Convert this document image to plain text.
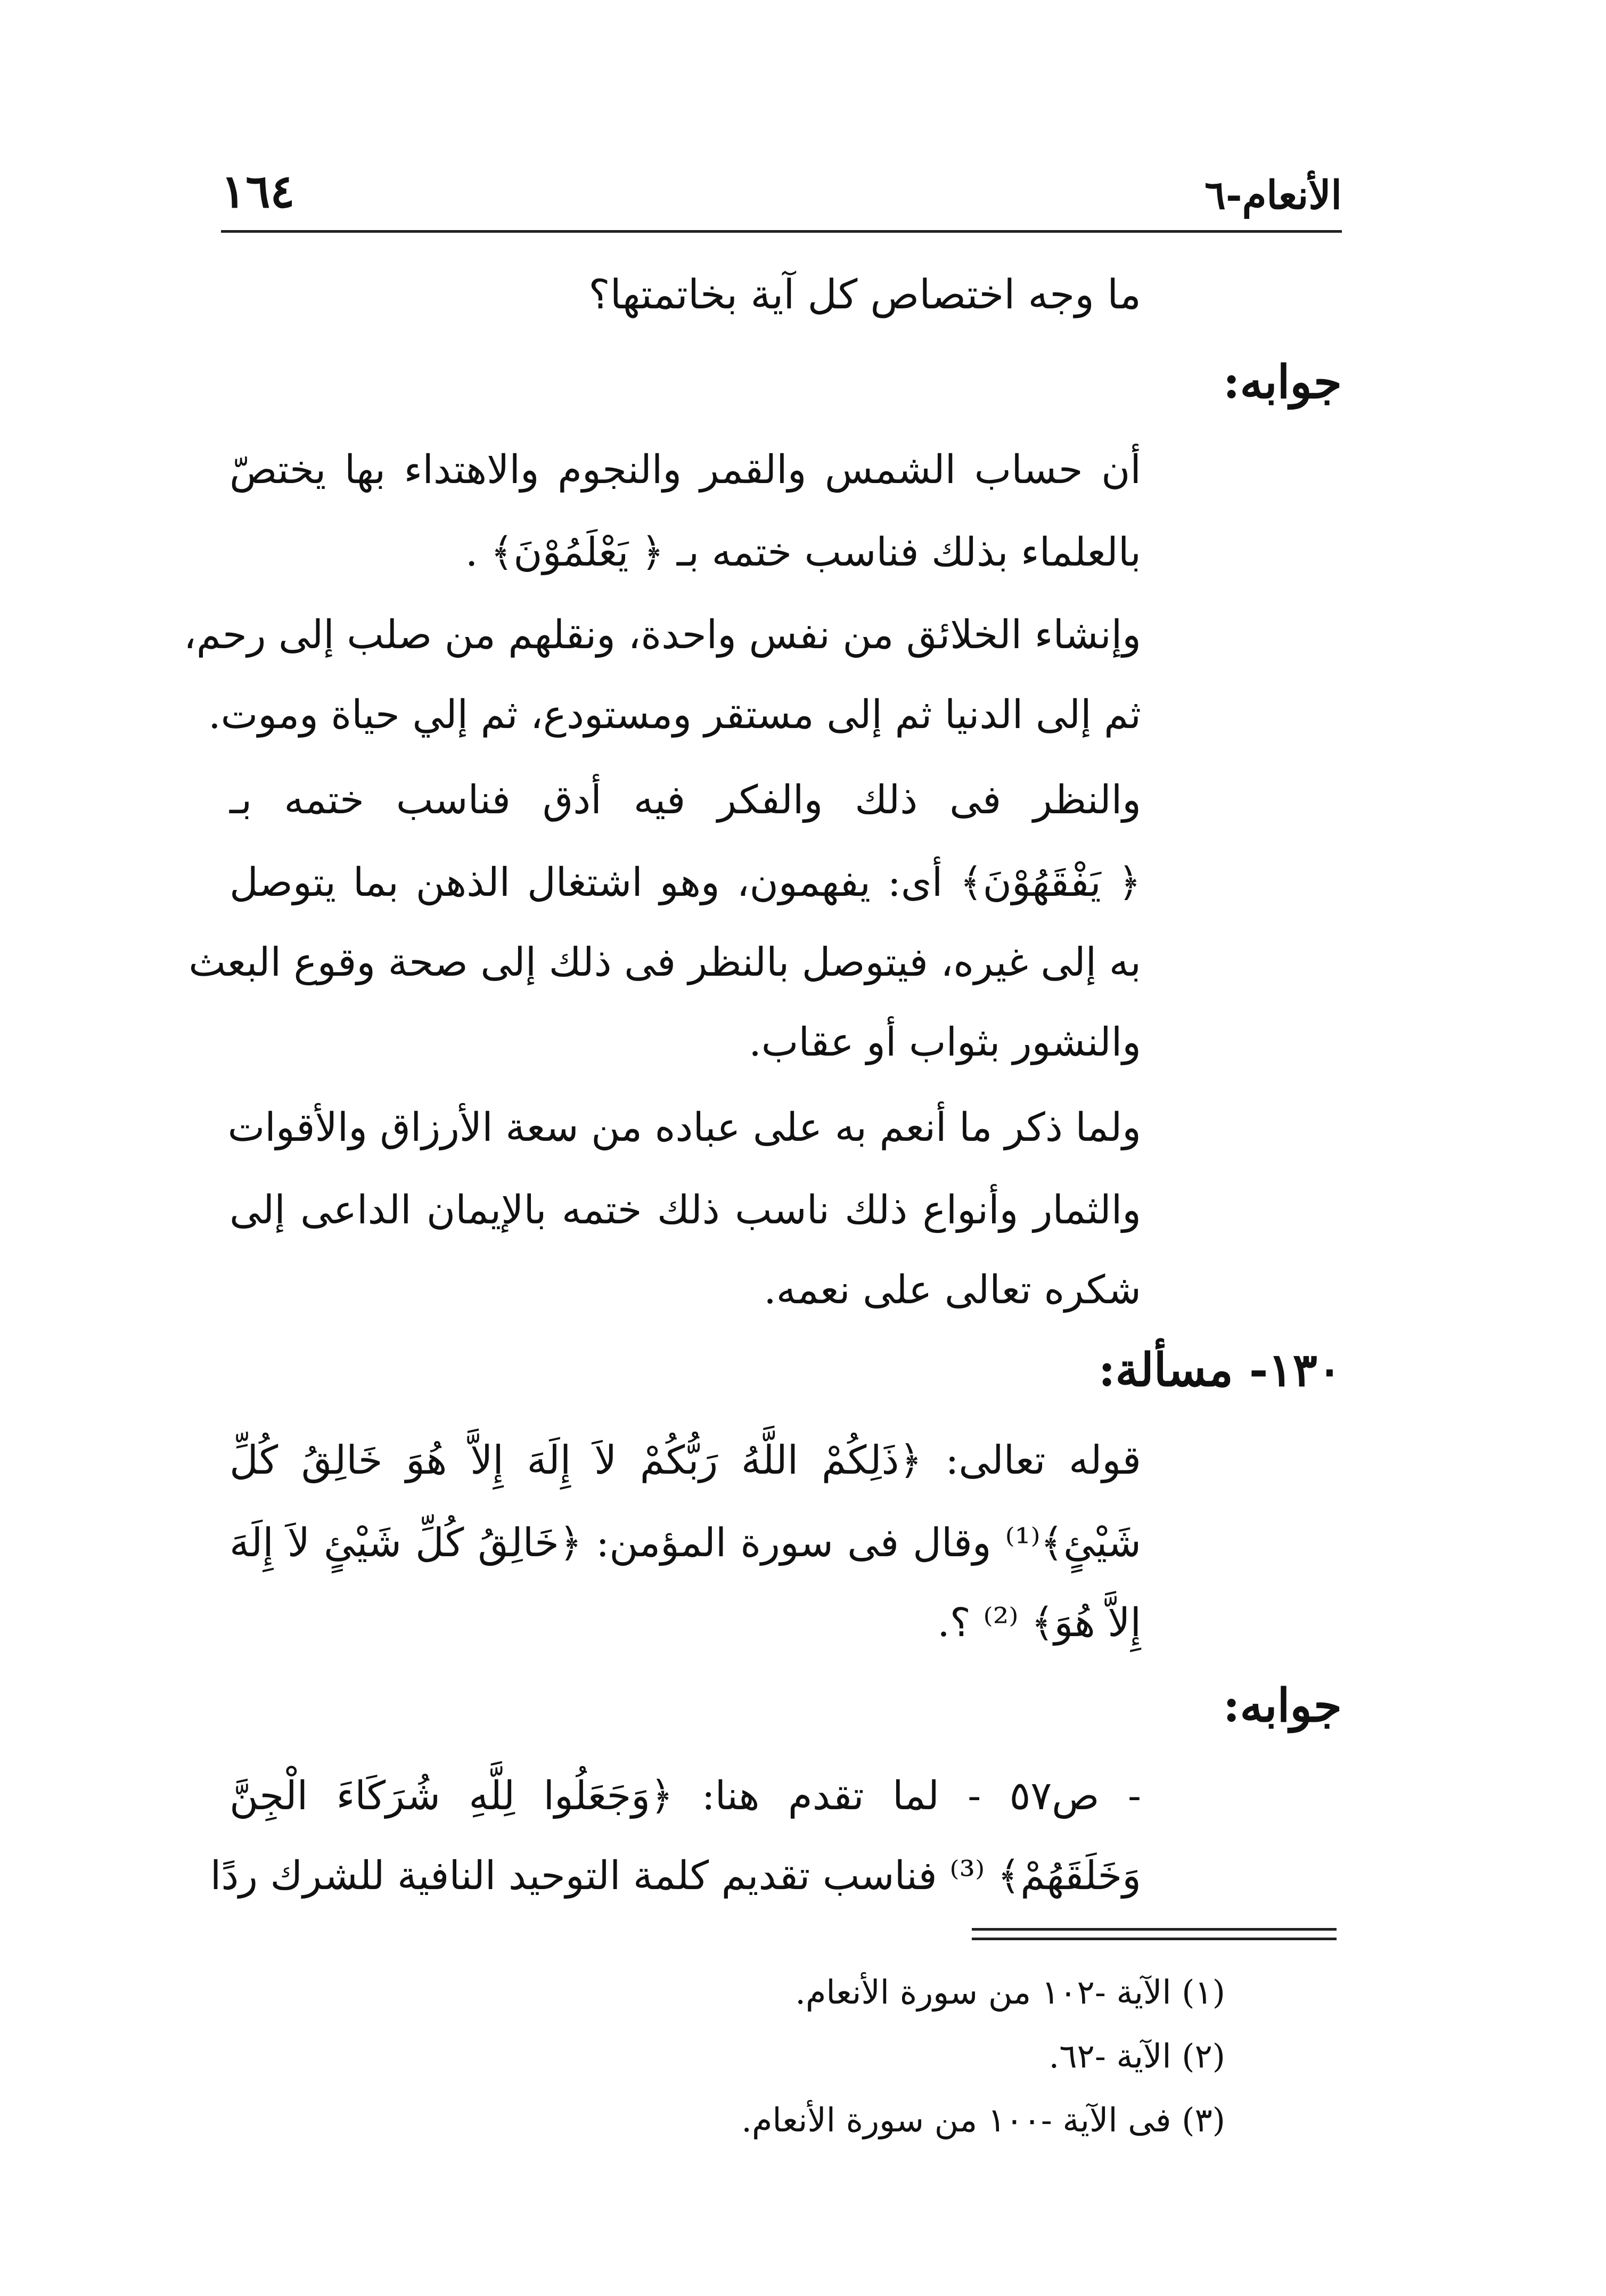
الأنعام-٦
١٦٤
ما وجه اختصاص كل آية بخاتمتها؟
جوابه:
أن حساب الشمس والقمر والنجوم والاهتداء بها يختصّ
بالعلماء بذلك فناسب ختمه بـ ﴿ يَعْلَمُوْنَ﴾ .
وإنشاء الخلائق من نفس واحدة، ونقلهم من صلب إلى رحم،
ثم إلى الدنيا ثم إلى مستقر ومستودع، ثم إلي حياة وموت.
والنظر فى ذلك والفكر فيه أدق فناسب ختمه بـ
﴿ يَفْقَهُوْنَ﴾ أى: يفهمون، وهو اشتغال الذهن بما يتوصل
به إلى غيره، فيتوصل بالنظر فى ذلك إلى صحة وقوع البعث
والنشور بثواب أو عقاب.
ولما ذكر ما أنعم به على عباده من سعة الأرزاق والأقوات
والثمار وأنواع ذلك ناسب ذلك ختمه بالإيمان الداعى إلى
شكره تعالى على نعمه.
١٣٠- مسألة:
قوله تعالى: ﴿ذَلِكُمْ اللَّهُ رَبُّكُمْ لاَ إِلَهَ إِلاَّ هُوَ خَالِقُ كُلِّ
شَيْئٍ﴾⁽¹⁾ وقال فى سورة المؤمن: ﴿خَالِقُ كُلِّ شَيْئٍ لاَ إِلَهَ
إِلاَّ هُوَ﴾ ⁽²⁾ ؟.
جوابه:
- ص٥٧ - لما تقدم هنا: ﴿وَجَعَلُوا لِلَّهِ شُرَكَاءَ الْجِنَّ
وَخَلَقَهُمْ﴾ ⁽³⁾ فناسب تقديم كلمة التوحيد النافية للشرك ردًا
(١) الآية -١٠٢ من سورة الأنعام.
(٢) الآية -٦٢.
(٣) فى الآية -١٠٠ من سورة الأنعام.
